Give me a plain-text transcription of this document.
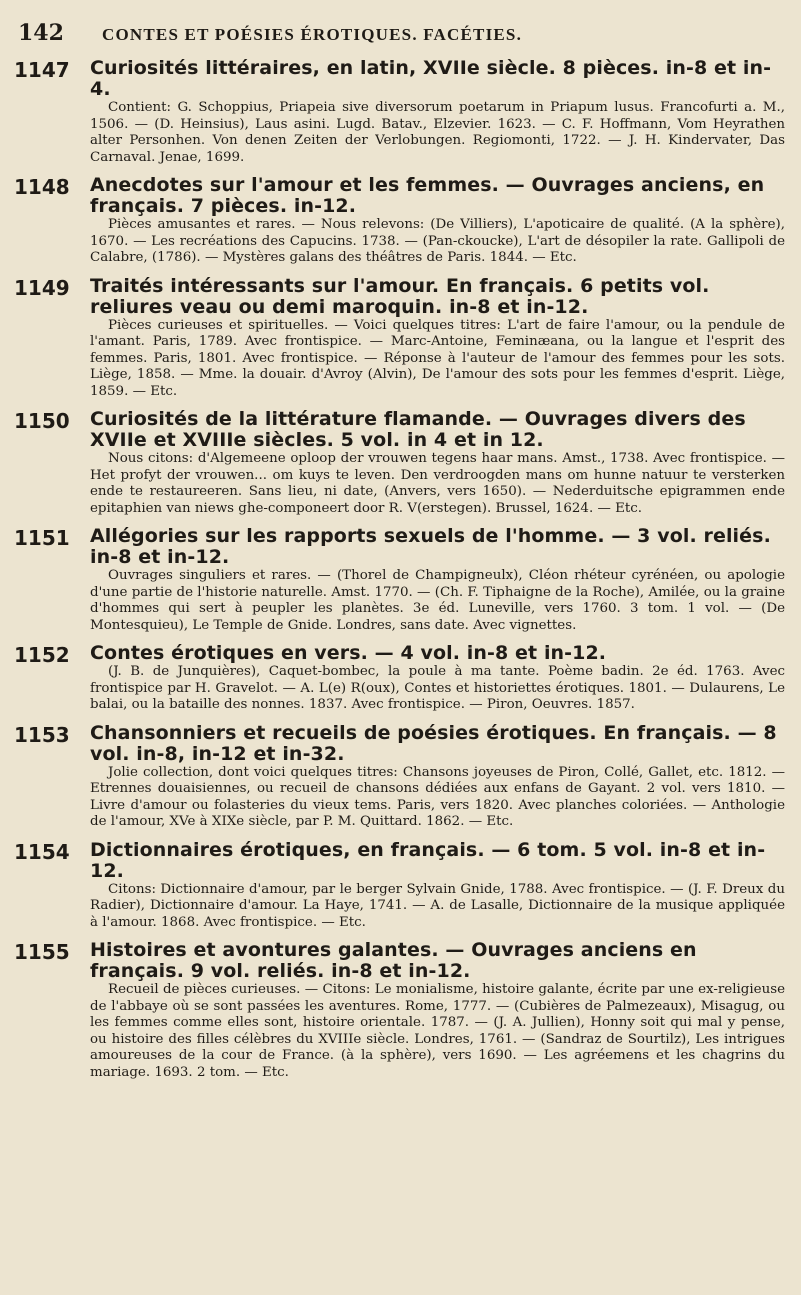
142	CONTES ET POÉSIES ÉROTIQUES. FACÉTIES.
1147 Curiosités littéraires, en latin, XVIIe siècle. 8 pièces. in-8 et in-4.
Contient: G. Schoppius, Priapeia sive diversorum poetarum in Priapum lusus. Francofurti a. M., 1506. — (D. Heinsius), Laus asini. Lugd. Batav., Elzevier. 1623. — C. F. Hoffmann, Vom Heyrathen alter Personhen. Von denen Zeiten der Verlobungen. Regiomonti, 1722. — J. H. Kindervater, Das Carnaval. Jenae, 1699.
1148 Anecdotes sur l'amour et les femmes. — Ouvrages anciens, en français. 7 pièces. in-12.
Pièces amusantes et rares. — Nous relevons: (De Villiers), L'apoticaire de qualité. (A la sphère), 1670. — Les recréations des Capucins. 1738. — (Pan-ckoucke), L'art de désopiler la rate. Gallipoli de Calabre, (1786). — Mystères galans des théâtres de Paris. 1844. — Etc.
1149 Traités intéressants sur l'amour. En français. 6 petits vol. reliures veau ou demi maroquin. in-8 et in-12.
Pièces curieuses et spirituelles. — Voici quelques titres: L'art de faire l'amour, ou la pendule de l'amant. Paris, 1789. Avec frontispice. — Marc-Antoine, Feminæana, ou la langue et l'esprit des femmes. Paris, 1801. Avec frontispice. — Réponse à l'auteur de l'amour des femmes pour les sots. Liège, 1858. — Mme. la douair. d'Avroy (Alvin), De l'amour des sots pour les femmes d'esprit. Liège, 1859. — Etc.
1150 Curiosités de la littérature flamande. — Ouvrages divers des XVIIe et XVIIIe siècles. 5 vol. in 4 et in 12.
Nous citons: d'Algemeene oploop der vrouwen tegens haar mans. Amst., 1738. Avec frontispice. — Het profyt der vrouwen... om kuys te leven. Den verdroogden mans om hunne natuur te versterken ende te restaureeren. Sans lieu, ni date, (Anvers, vers 1650). — Nederduitsche epigrammen ende epitaphien van niews ghe-componeert door R. V(erstegen). Brussel, 1624. — Etc.
1151 Allégories sur les rapports sexuels de l'homme. — 3 vol. reliés. in-8 et in-12.
Ouvrages singuliers et rares. — (Thorel de Champigneulx), Cléon rhéteur cyrénéen, ou apologie d'une partie de l'historie naturelle. Amst. 1770. — (Ch. F. Tiphaigne de la Roche), Amilée, ou la graine d'hommes qui sert à peupler les planètes. 3e éd. Luneville, vers 1760. 3 tom. 1 vol. — (De Montesquieu), Le Temple de Gnide. Londres, sans date. Avec vignettes.
1152 Contes érotiques en vers. — 4 vol. in-8 et in-12.
(J. B. de Junquières), Caquet-bombec, la poule à ma tante. Poème badin. 2e éd. 1763. Avec frontispice par H. Gravelot. — A. L(e) R(oux), Contes et historiettes érotiques. 1801. — Dulaurens, Le balai, ou la bataille des nonnes. 1837. Avec frontispice. — Piron, Oeuvres. 1857.
1153 Chansonniers et recueils de poésies érotiques. En français. — 8 vol. in-8, in-12 et in-32.
Jolie collection, dont voici quelques titres: Chansons joyeuses de Piron, Collé, Gallet, etc. 1812. — Etrennes douaisiennes, ou recueil de chansons dédiées aux enfans de Gayant. 2 vol. vers 1810. — Livre d'amour ou folasteries du vieux tems. Paris, vers 1820. Avec planches coloriées. — Anthologie de l'amour, XVe à XIXe siècle, par P. M. Quittard. 1862. — Etc.
1154 Dictionnaires érotiques, en français. — 6 tom. 5 vol. in-8 et in-12.
Citons: Dictionnaire d'amour, par le berger Sylvain Gnide, 1788. Avec frontispice. — (J. F. Dreux du Radier), Dictionnaire d'amour. La Haye, 1741. — A. de Lasalle, Dictionnaire de la musique appliquée à l'amour. 1868. Avec frontispice. — Etc.
1155 Histoires et avontures galantes. — Ouvrages anciens en français. 9 vol. reliés. in-8 et in-12.
Recueil de pièces curieuses. — Citons: Le monialisme, histoire galante, écrite par une ex-religieuse de l'abbaye où se sont passées les aventures. Rome, 1777. — (Cubières de Palmezeaux), Misagug, ou les femmes comme elles sont, histoire orientale. 1787. — (J. A. Jullien), Honny soit qui mal y pense, ou histoire des filles célèbres du XVIIIe siècle. Londres, 1761. — (Sandraz de Sourtilz), Les intrigues amoureuses de la cour de France. (à la sphère), vers 1690. — Les agréemens et les chagrins du mariage. 1693. 2 tom. — Etc.
